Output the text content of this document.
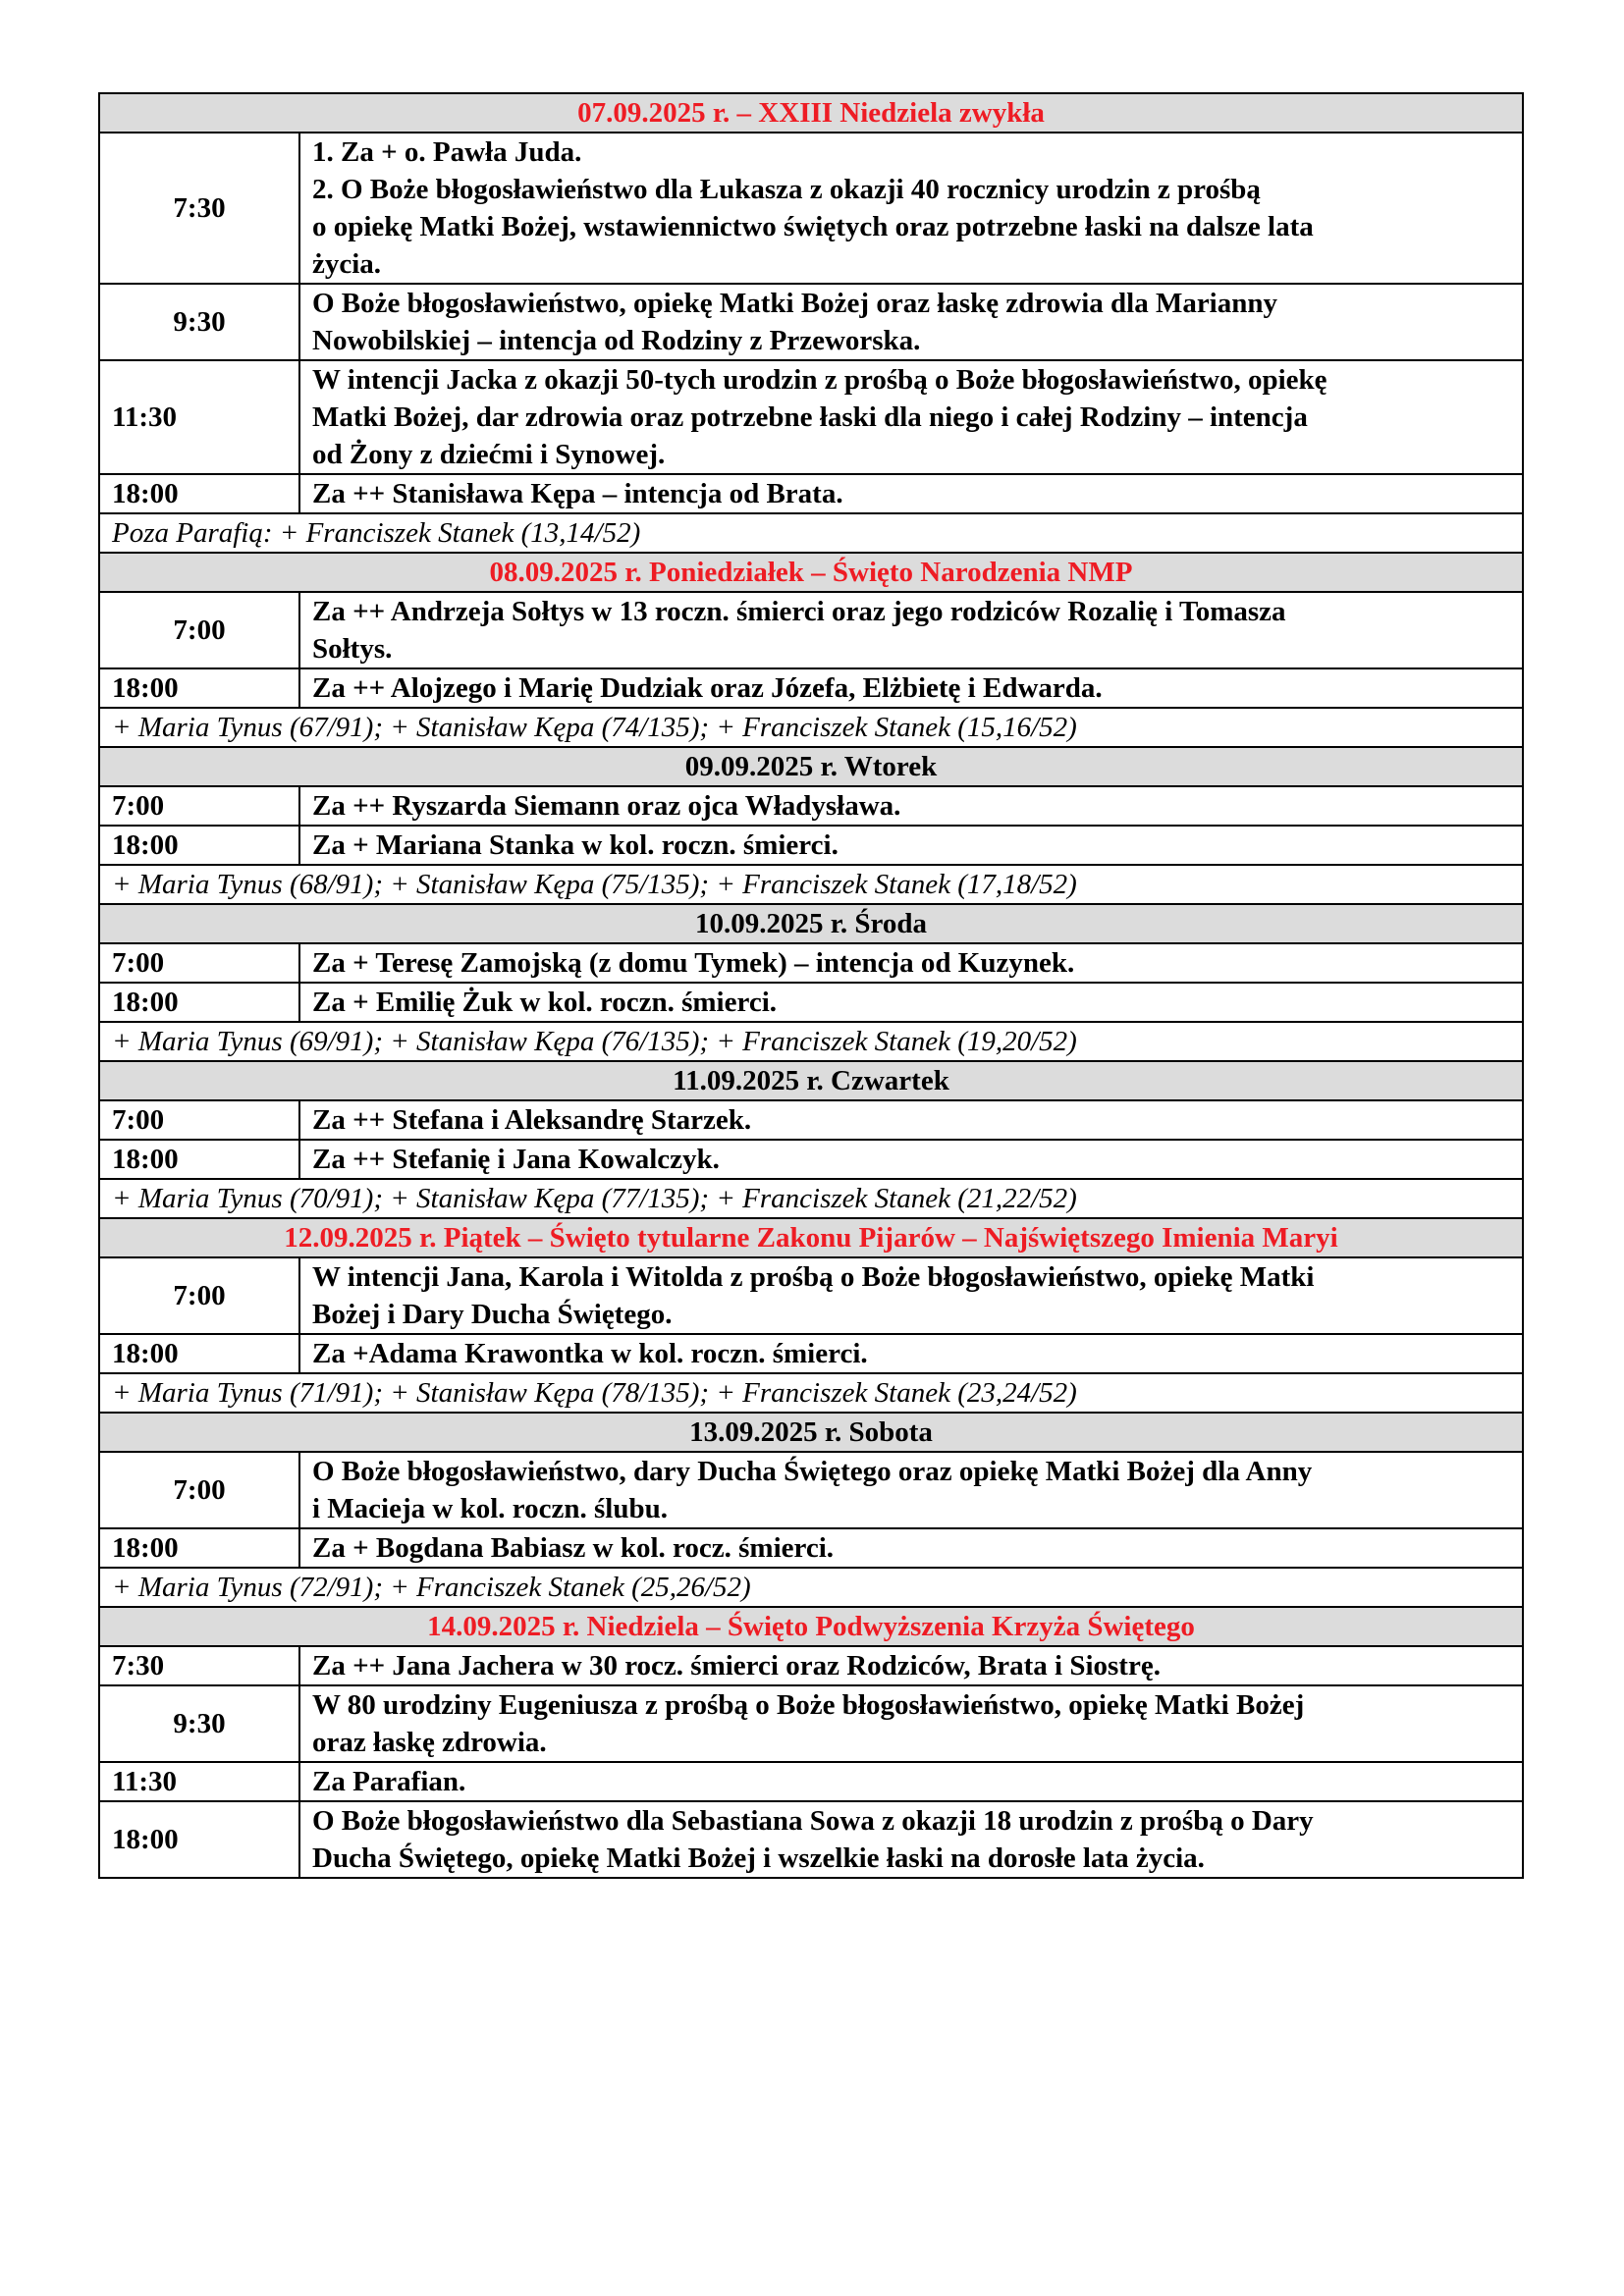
07.09.2025 r. – XXIII Niedziela zwykła	
7:30	1. Za + o. Pawła Juda.
2. O Boże błogosławieństwo dla Łukasza z okazji 40 rocznicy urodzin z prośbą
o opiekę Matki Bożej, wstawiennictwo świętych oraz potrzebne łaski na dalsze lata
życia.

9:30	O Boże błogosławieństwo, opiekę Matki Bożej oraz łaskę zdrowia dla Marianny
Nowobilskiej – intencja od Rodziny z Przeworska.

11:30	W intencji Jacka z okazji 50-tych urodzin z prośbą o Boże błogosławieństwo, opiekę
Matki Bożej, dar zdrowia oraz potrzebne łaski dla niego i całej Rodziny – intencja
od Żony z dziećmi i Synowej.

18:00	Za ++ Stanisława Kępa – intencja od Brata.

Poza Parafią: + Franciszek Stanek (13,14/52)	
08.09.2025 r. Poniedziałek – Święto Narodzenia NMP	
7:00	Za ++ Andrzeja Sołtys w 13 roczn. śmierci oraz jego rodziców Rozalię i Tomasza
Sołtys.

18:00	Za ++ Alojzego i Marię Dudziak oraz Józefa, Elżbietę i Edwarda.

+ Maria Tynus (67/91); + Stanisław Kępa (74/135); + Franciszek Stanek (15,16/52)	
09.09.2025 r. Wtorek	
7:00	Za ++ Ryszarda Siemann oraz ojca Władysława.

18:00	Za + Mariana Stanka w kol. roczn. śmierci.

+ Maria Tynus (68/91); + Stanisław Kępa (75/135); + Franciszek Stanek (17,18/52)	
10.09.2025 r. Środa	
7:00	Za + Teresę Zamojską (z domu Tymek) – intencja od Kuzynek.

18:00	Za + Emilię Żuk w kol. roczn. śmierci.

+ Maria Tynus (69/91); + Stanisław Kępa (76/135); + Franciszek Stanek (19,20/52)	
11.09.2025 r. Czwartek	
7:00	Za ++ Stefana i Aleksandrę Starzek.

18:00	Za ++ Stefanię i Jana Kowalczyk.

+ Maria Tynus (70/91); + Stanisław Kępa (77/135); + Franciszek Stanek (21,22/52)	
12.09.2025 r. Piątek – Święto tytularne Zakonu Pijarów – Najświętszego Imienia Maryi	
7:00	W intencji Jana, Karola i Witolda z prośbą o Boże błogosławieństwo, opiekę Matki
Bożej i Dary Ducha Świętego.

18:00	Za +Adama Krawontka w kol. roczn. śmierci.

+ Maria Tynus (71/91); + Stanisław Kępa (78/135); + Franciszek Stanek (23,24/52)	
13.09.2025 r. Sobota	
7:00	O Boże błogosławieństwo, dary Ducha Świętego oraz opiekę Matki Bożej dla Anny
i Macieja w kol. roczn. ślubu.

18:00	Za + Bogdana Babiasz w kol. rocz. śmierci.

+ Maria Tynus (72/91); + Franciszek Stanek (25,26/52)	
14.09.2025 r. Niedziela – Święto Podwyższenia Krzyża Świętego	
7:30	Za ++ Jana Jachera w 30 rocz. śmierci oraz Rodziców, Brata i Siostrę.

9:30	W 80 urodziny Eugeniusza z prośbą o Boże błogosławieństwo, opiekę Matki Bożej
oraz łaskę zdrowia.

11:30	Za Parafian.

18:00	O Boże błogosławieństwo dla Sebastiana Sowa z okazji 18 urodzin z prośbą o Dary
Ducha Świętego, opiekę Matki Bożej i wszelkie łaski na dorosłe lata życia.
